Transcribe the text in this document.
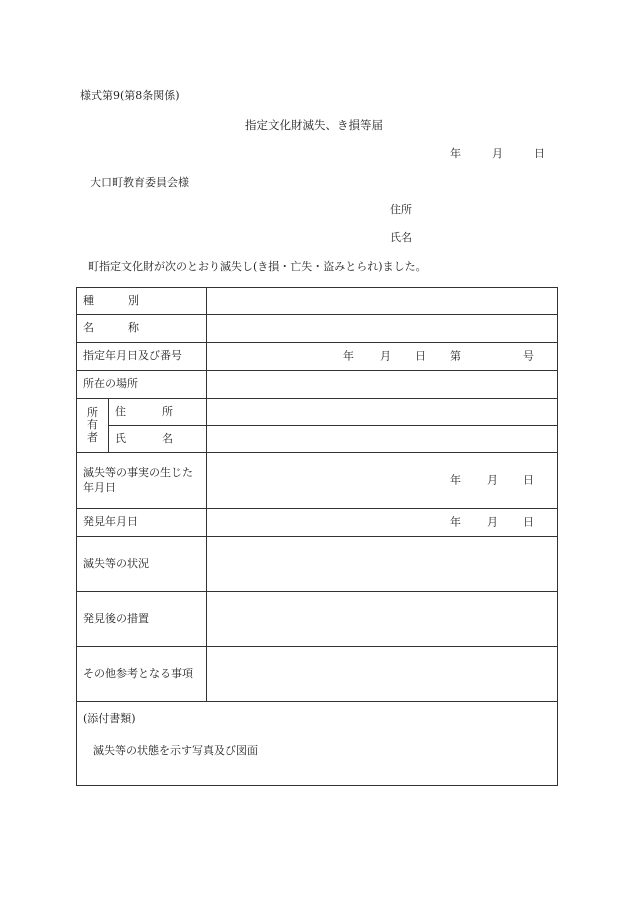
様式第9(第8条関係)
指定文化財滅失、き損等届
年	月	日
大口町教育委員会様
住所
氏名
町指定文化財が次のとおり滅失し(き損・亡失・盗みとられ)ました。
種 別		
名 称		
指定年月日及び番号		年 月 日 第 号

所在の場所		

所
有
者	住 所	
	氏 名	
滅失等の事実の生じた
年月日		年 月 日

発見年月日		年 月 日

滅失等の状況		
発見後の措置		
その他参考となる事項		
(添付書類)
滅失等の状態を示す写真及び図面		
